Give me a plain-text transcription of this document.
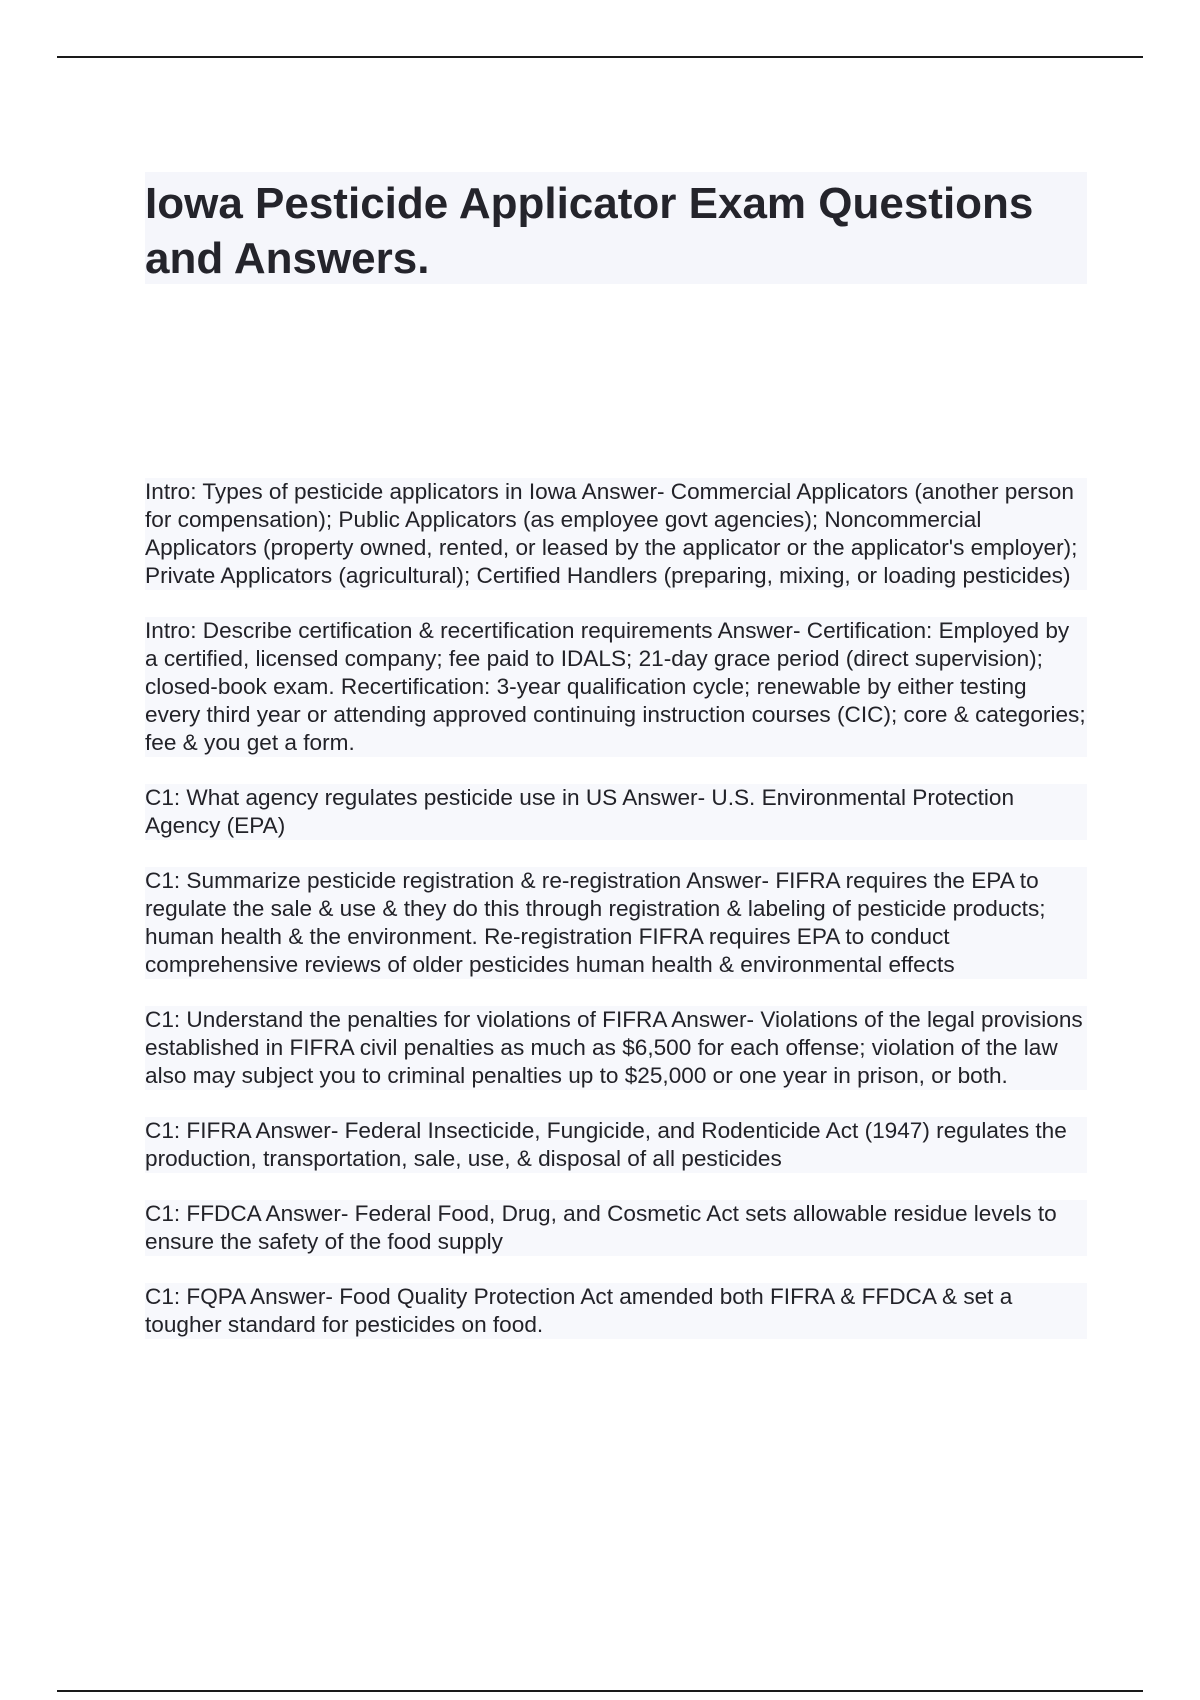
Iowa Pesticide Applicator Exam Questions and Answers.

Intro: Types of pesticide applicators in Iowa Answer- Commercial Applicators (another person for compensation); Public Applicators (as employee govt agencies); Noncommercial Applicators (property owned, rented, or leased by the applicator or the applicator's employer); Private Applicators (agricultural); Certified Handlers (preparing, mixing, or loading pesticides)

Intro: Describe certification & recertification requirements Answer- Certification: Employed by a certified, licensed company; fee paid to IDALS; 21-day grace period (direct supervision); closed-book exam. Recertification: 3-year qualification cycle; renewable by either testing every third year or attending approved continuing instruction courses (CIC); core & categories; fee & you get a form.

C1: What agency regulates pesticide use in US Answer- U.S. Environmental Protection Agency (EPA)

C1: Summarize pesticide registration & re-registration Answer- FIFRA requires the EPA to regulate the sale & use & they do this through registration & labeling of pesticide products; human health & the environment. Re-registration FIFRA requires EPA to conduct comprehensive reviews of older pesticides human health & environmental effects

C1: Understand the penalties for violations of FIFRA Answer- Violations of the legal provisions established in FIFRA civil penalties as much as $6,500 for each offense; violation of the law also may subject you to criminal penalties up to $25,000 or one year in prison, or both.

C1: FIFRA Answer- Federal Insecticide, Fungicide, and Rodenticide Act (1947) regulates the production, transportation, sale, use, & disposal of all pesticides

C1: FFDCA Answer- Federal Food, Drug, and Cosmetic Act sets allowable residue levels to ensure the safety of the food supply

C1: FQPA Answer- Food Quality Protection Act amended both FIFRA & FFDCA & set a tougher standard for pesticides on food.
